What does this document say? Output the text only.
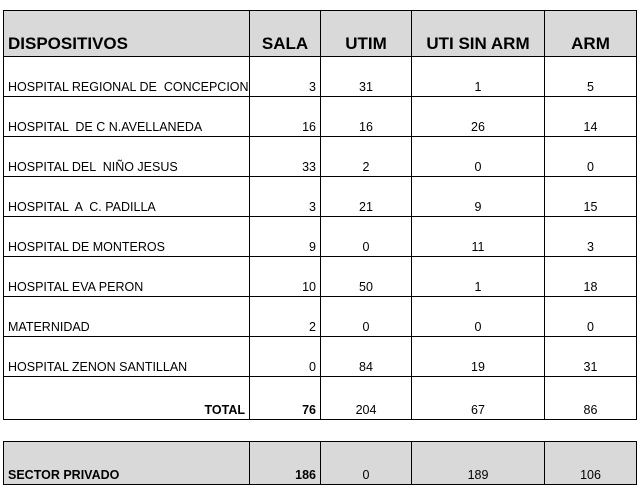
DISPOSITIVOS	SALA	UTIM	UTI SIN ARM	ARM
HOSPITAL REGIONAL DE  CONCEPCION	3	31	1	5
HOSPITAL  DE C N.AVELLANEDA	16	16	26	14
HOSPITAL DEL  NIÑO JESUS	33	2	0	0
HOSPITAL  A  C. PADILLA	3	21	9	15
HOSPITAL DE MONTEROS	9	0	11	3
HOSPITAL EVA PERON	10	50	1	18
MATERNIDAD	2	0	0	0
HOSPITAL ZENON SANTILLAN	0	84	19	31
TOTAL	76	204	67	86
SECTOR PRIVADO	186	0	189	106
